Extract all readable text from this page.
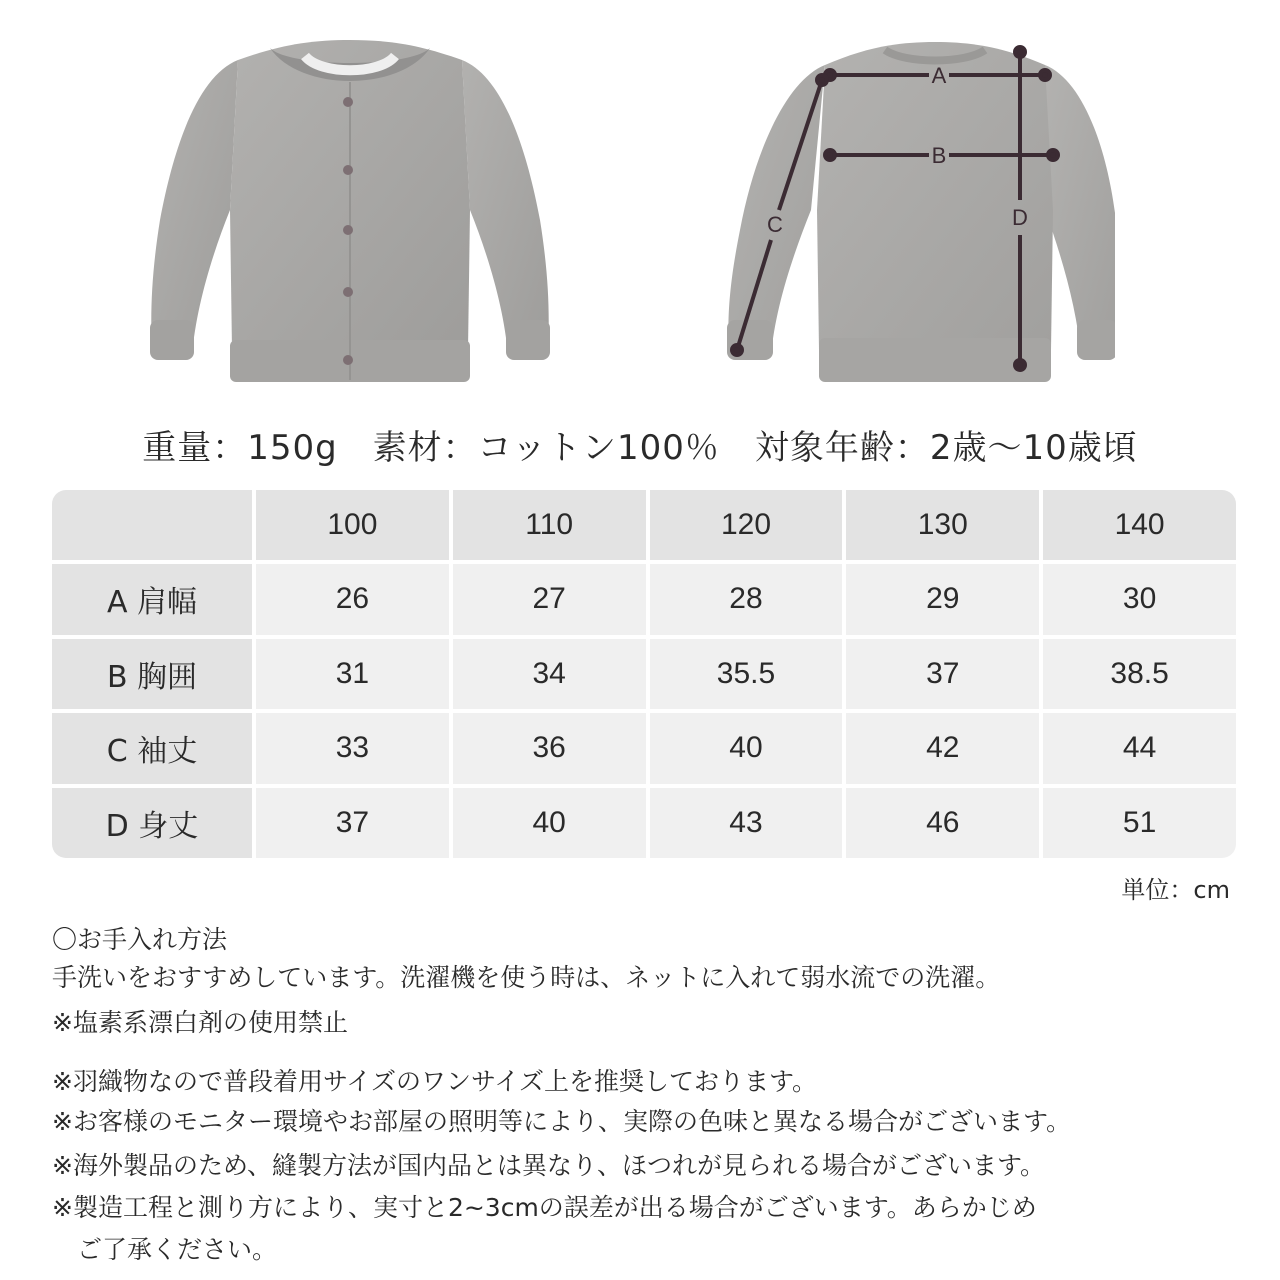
A
B
C	D
重量：150g　素材：コットン100％　対象年齢：2歳〜10歳頃
100	110	120	130	140
A 肩幅	26	27	28	29	30
B 胸囲	31	34	35.5	37	38.5
C 袖丈	33	36	40	42	44
D 身丈	37	40	43	46	51
単位：cm
〇お手入れ方法
手洗いをおすすめしています。洗濯機を使う時は、ネットに入れて弱水流での洗濯。
※塩素系漂白剤の使用禁止
※羽織物なので普段着用サイズのワンサイズ上を推奨しております。
※お客様のモニター環境やお部屋の照明等により、実際の色味と異なる場合がございます。
※海外製品のため、縫製方法が国内品とは異なり、ほつれが見られる場合がございます。
※製造工程と測り方により、実寸と2~3cmの誤差が出る場合がございます。あらかじめ
　ご了承ください。
